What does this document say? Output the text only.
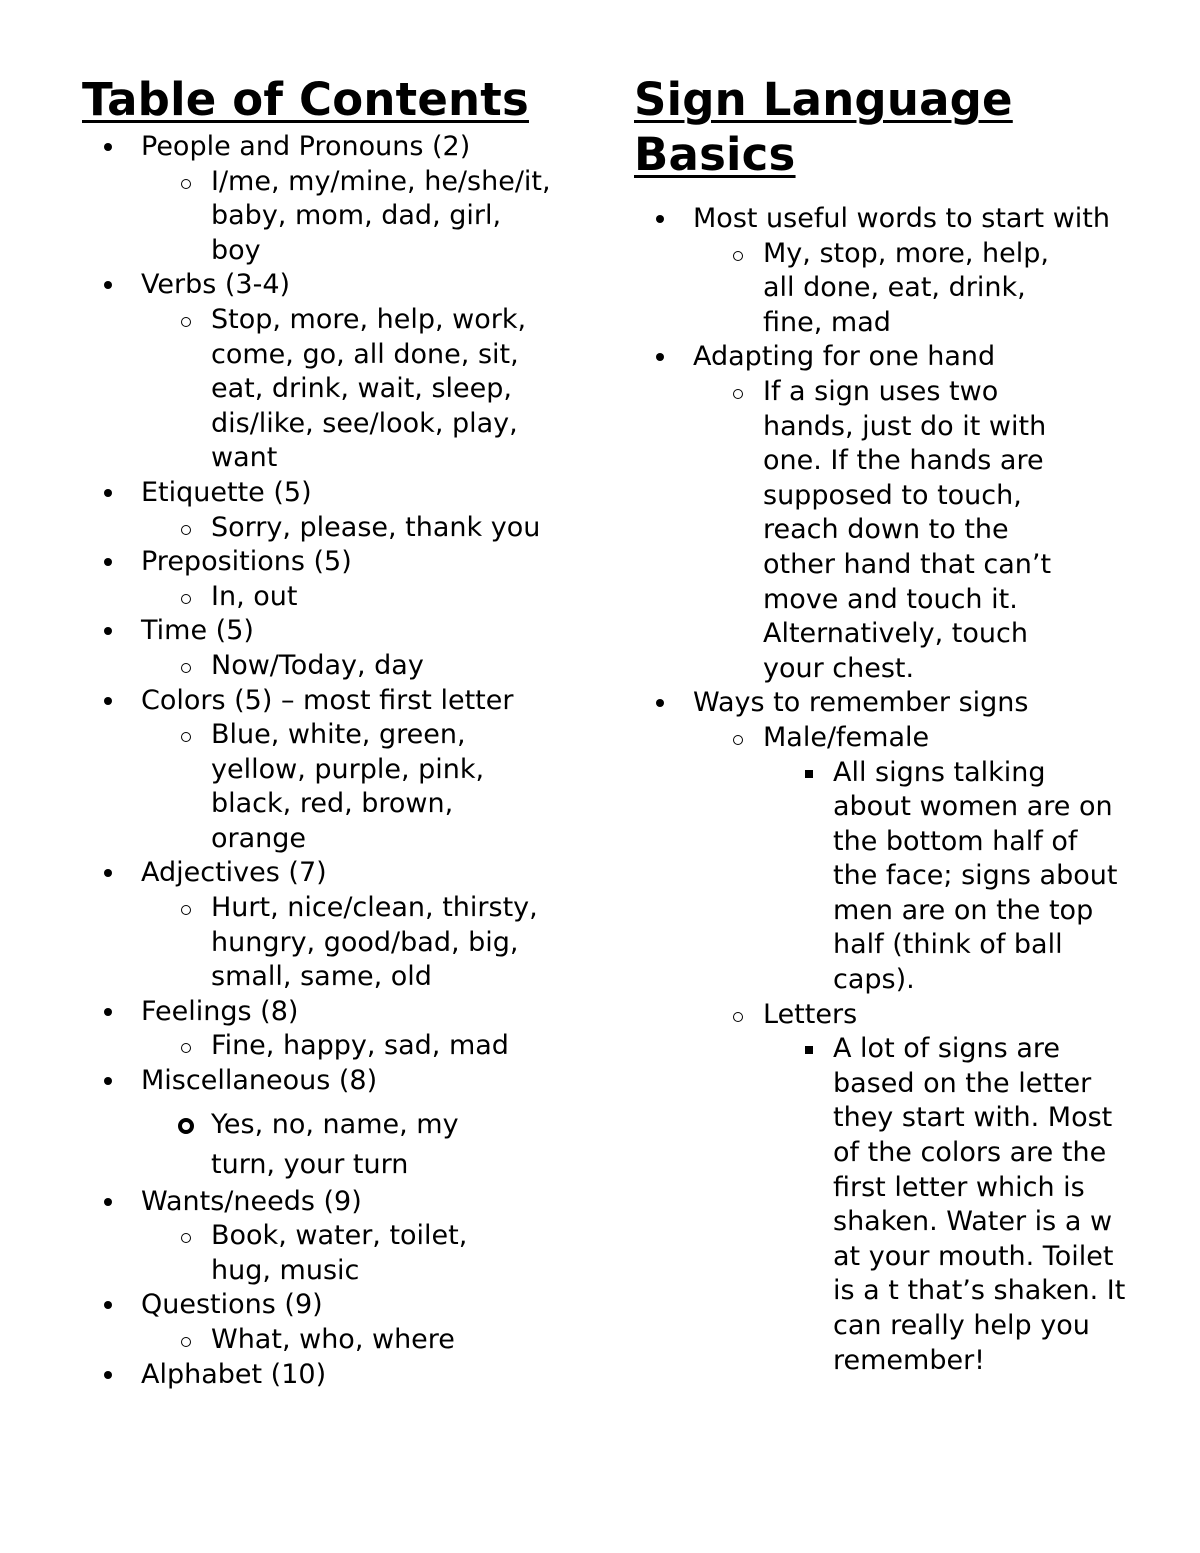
Table of Contents
People and Pronouns (2)
I/me, my/mine, he/she/it, baby, mom, dad, girl, boy
Verbs (3-4)
Stop, more, help, work, come, go, all done, sit, eat, drink, wait, sleep, dis/like, see/look, play, want
Etiquette (5)
Sorry, please, thank you
Prepositions (5)
In, out
Time (5)
Now/Today, day
Colors (5) – most first letter
Blue, white, green, yellow, purple, pink, black, red, brown, orange
Adjectives (7)
Hurt, nice/clean, thirsty, hungry, good/bad, big, small, same, old
Feelings (8)
Fine, happy, sad, mad
Miscellaneous (8)
Yes, no, name, my turn, your turn
Wants/needs (9)
Book, water, toilet, hug, music
Questions (9)
What, who, where
Alphabet (10)
Sign Language
Basics
Most useful words to start with
My, stop, more, help, all done, eat, drink, fine, mad
Adapting for one hand
If a sign uses two hands, just do it with one. If the hands are supposed to touch, reach down to the other hand that can’t move and touch it. Alternatively, touch your chest.
Ways to remember signs
Male/female
All signs talking about women are on the bottom half of the face; signs about men are on the top half (think of ball caps).
Letters
A lot of signs are based on the letter they start with. Most of the colors are the first letter which is shaken. Water is a w at your mouth. Toilet is a t that’s shaken. It can really help you remember!
